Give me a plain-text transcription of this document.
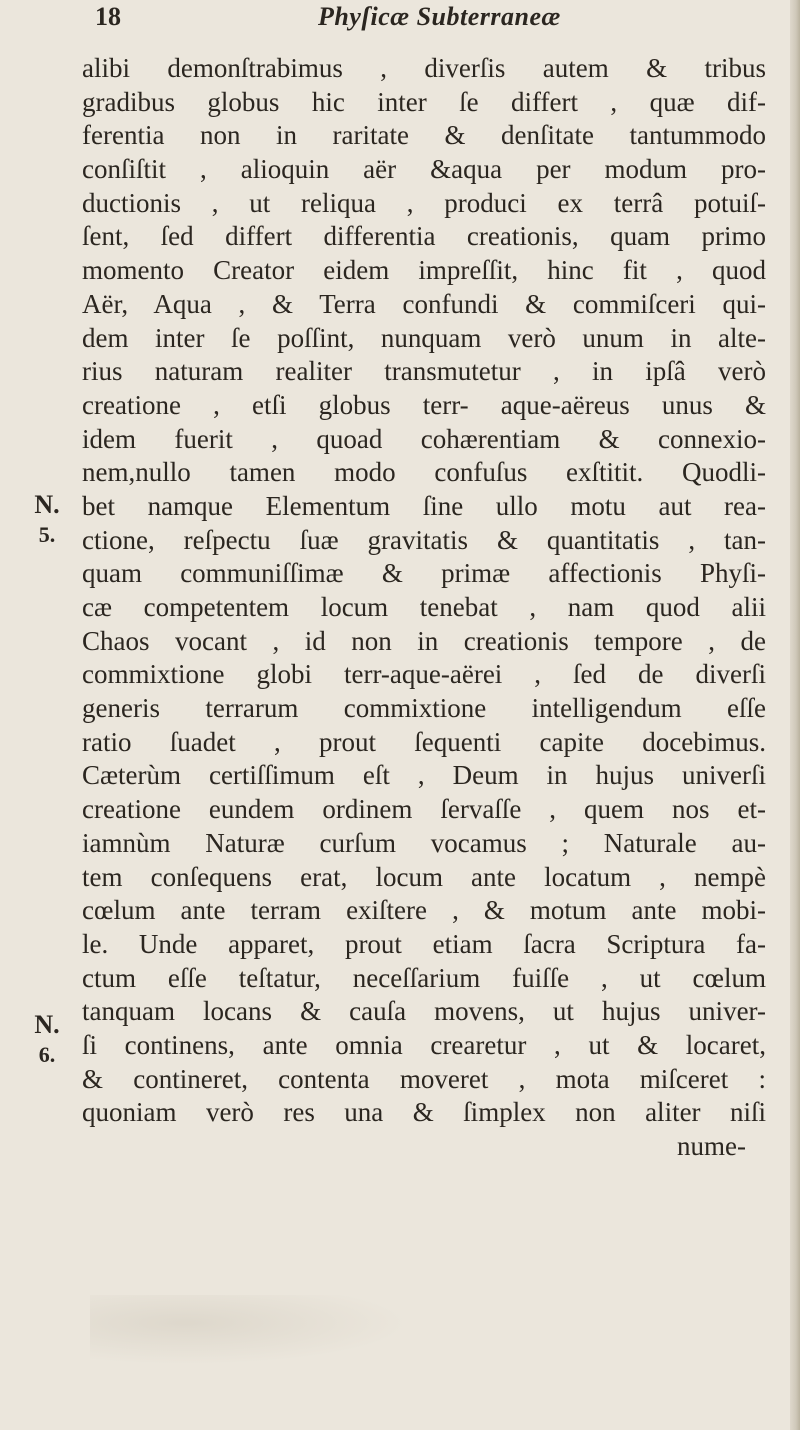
18	Phyſicæ Subterraneæ
N.
5.
N.
6.
alibi demonſtrabimus , diverſis autem & tribus
gradibus globus hic inter ſe differt , quæ dif-
ferentia non in raritate & denſitate tantummodo
conſiſtit , alioquin aër &aqua per modum pro-
ductionis , ut reliqua , produci ex terrâ potuiſ-
ſent, ſed differt differentia creationis, quam primo
momento Creator eidem impreſſit, hinc fit , quod
Aër, Aqua , & Terra confundi & commiſceri qui-
dem inter ſe poſſint, nunquam verò unum in alte-
rius naturam realiter transmutetur , in ipſâ verò
creatione , etſi globus terr- aque-aëreus unus &
idem fuerit , quoad cohærentiam & connexio-
nem,nullo tamen modo confuſus exſtitit. Quodli-
bet namque Elementum ſine ullo motu aut rea-
ctione, reſpectu ſuæ gravitatis & quantitatis , tan-
quam communiſſimæ & primæ affectionis Phyſi-
cæ competentem locum tenebat , nam quod alii
Chaos vocant , id non in creationis tempore , de
commixtione globi terr-aque-aërei , ſed de diverſi
generis terrarum commixtione intelligendum eſſe
ratio ſuadet , prout ſequenti capite docebimus.
Cæterùm certiſſimum eſt , Deum in hujus univerſi
creatione eundem ordinem ſervaſſe , quem nos et-
iamnùm Naturæ curſum vocamus ; Naturale au-
tem conſequens erat, locum ante locatum , nempè
cœlum ante terram exiſtere , & motum ante mobi-
le. Unde apparet, prout etiam ſacra Scriptura fa-
ctum eſſe teſtatur, neceſſarium fuiſſe , ut cœlum
tanquam locans & cauſa movens, ut hujus univer-
ſi continens, ante omnia crearetur , ut & locaret,
& contineret, contenta moveret , mota miſceret :
quoniam verò res una & ſimplex non aliter niſi
nume-
